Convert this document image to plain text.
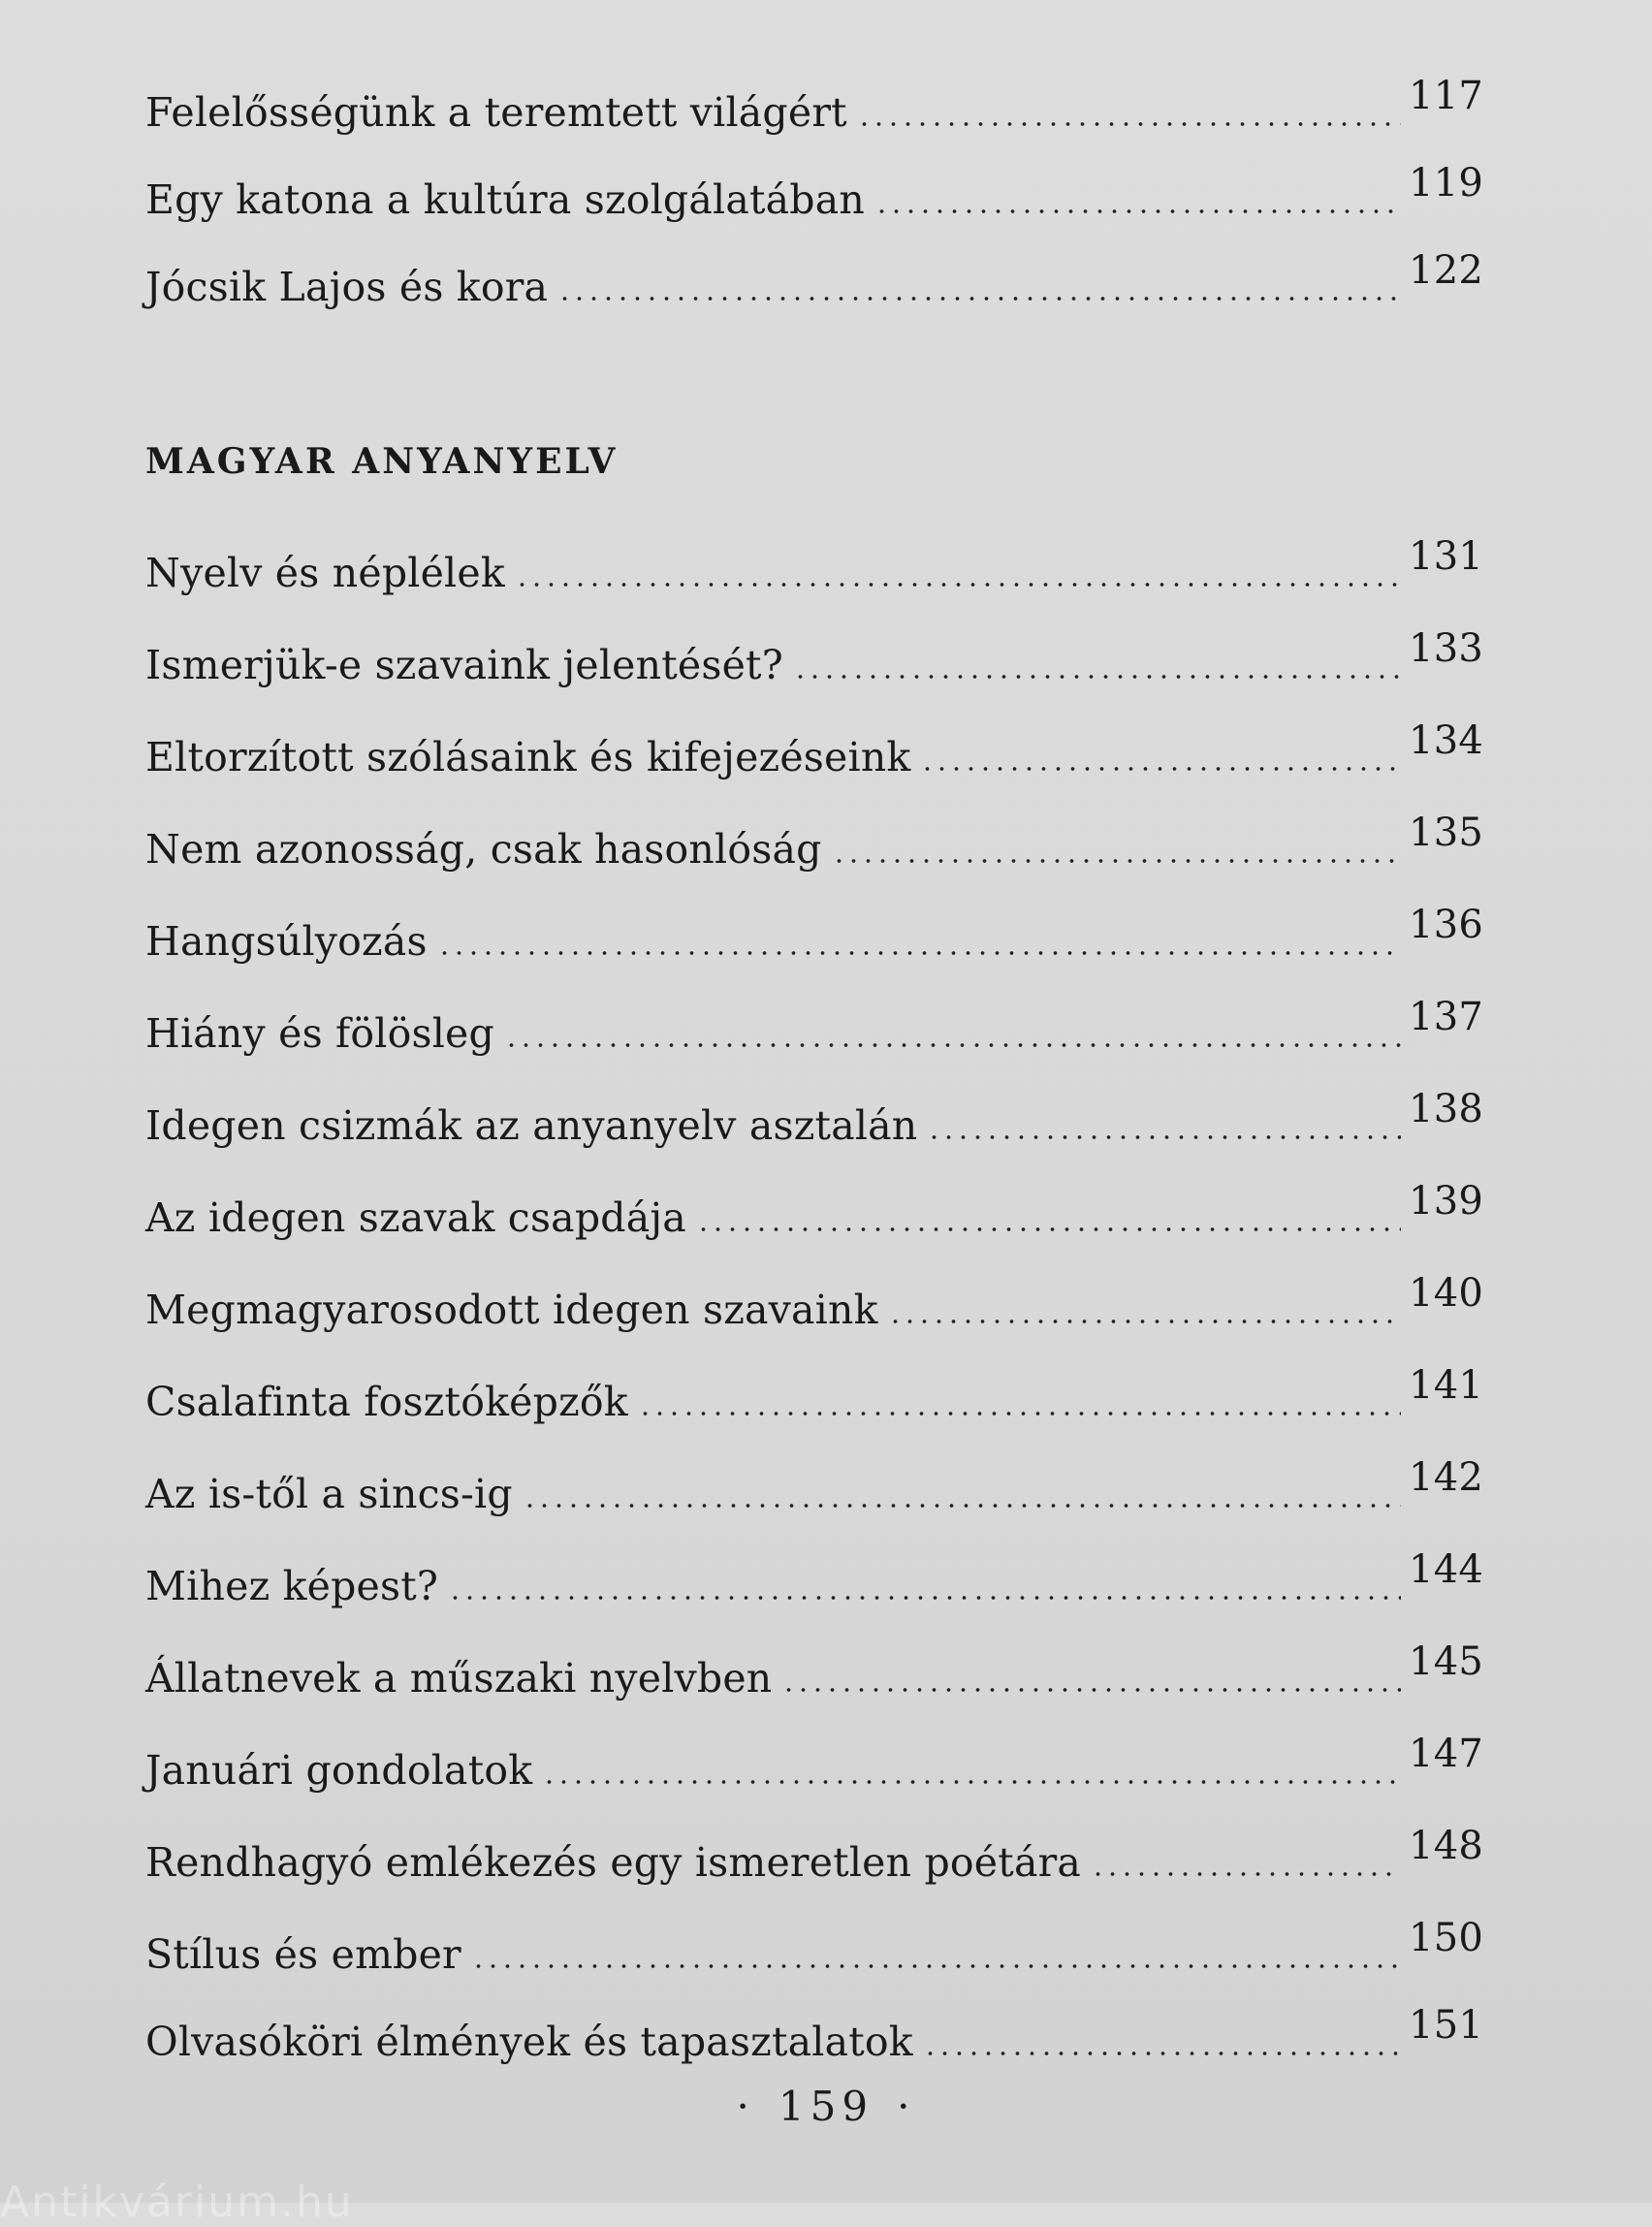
Felelősségünk a teremtett világért	117
Egy katona a kultúra szolgálatában	119
Jócsik Lajos és kora	122
MAGYAR ANYANYELV
Nyelv és néplélek	131
Ismerjük-e szavaink jelentését?	133
Eltorzított szólásaink és kifejezéseink	134
Nem azonosság, csak hasonlóság	135
Hangsúlyozás	136
Hiány és fölösleg	137
Idegen csizmák az anyanyelv asztalán	138
Az idegen szavak csapdája	139
Megmagyarosodott idegen szavaink	140
Csalafinta fosztóképzők	141
Az is-től a sincs-ig	142
Mihez képest?	144
Állatnevek a műszaki nyelvben	145
Januári gondolatok	147
Rendhagyó emlékezés egy ismeretlen poétára	148
Stílus és ember	150
Olvasóköri élmények és tapasztalatok	151
· 159 ·
Antikvárium.hu
